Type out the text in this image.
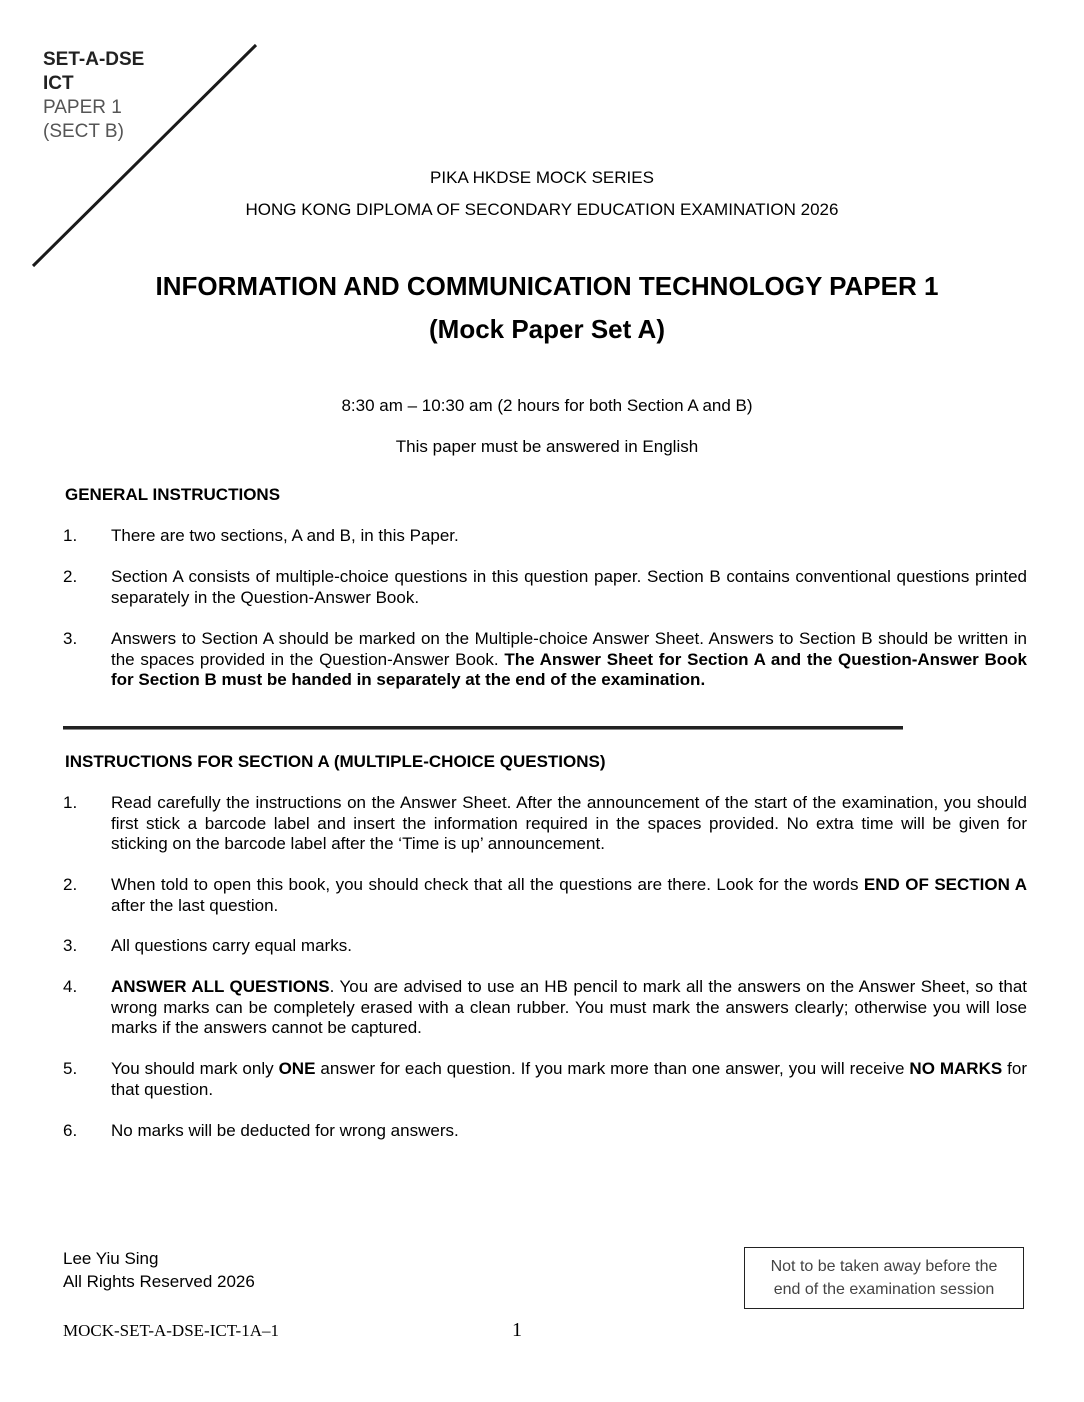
SET-A-DSE
ICT
PAPER 1
(SECT B)
PIKA HKDSE MOCK SERIES
HONG KONG DIPLOMA OF SECONDARY EDUCATION EXAMINATION 2026
INFORMATION AND COMMUNICATION TECHNOLOGY PAPER 1
(Mock Paper Set A)
8:30 am – 10:30 am (2 hours for both Section A and B)
This paper must be answered in English
GENERAL INSTRUCTIONS
1. There are two sections, A and B, in this Paper.
2. Section A consists of multiple-choice questions in this question paper. Section B contains conventional questions printed separately in the Question-Answer Book.
3. Answers to Section A should be marked on the Multiple-choice Answer Sheet. Answers to Section B should be written in the spaces provided in the Question-Answer Book. The Answer Sheet for Section A and the Question-Answer Book for Section B must be handed in separately at the end of the examination.
INSTRUCTIONS FOR SECTION A (MULTIPLE-CHOICE QUESTIONS)
1. Read carefully the instructions on the Answer Sheet. After the announcement of the start of the examination, you should first stick a barcode label and insert the information required in the spaces provided. No extra time will be given for sticking on the barcode label after the ‘Time is up’ announcement.
2. When told to open this book, you should check that all the questions are there. Look for the words END OF SECTION A after the last question.
3. All questions carry equal marks.
4. ANSWER ALL QUESTIONS. You are advised to use an HB pencil to mark all the answers on the Answer Sheet, so that wrong marks can be completely erased with a clean rubber. You must mark the answers clearly; otherwise you will lose marks if the answers cannot be captured.
5. You should mark only ONE answer for each question. If you mark more than one answer, you will receive NO MARKS for that question.
6. No marks will be deducted for wrong answers.
Lee Yiu Sing
All Rights Reserved 2026
Not to be taken away before the
end of the examination session
MOCK-SET-A-DSE-ICT-1A–1	1
